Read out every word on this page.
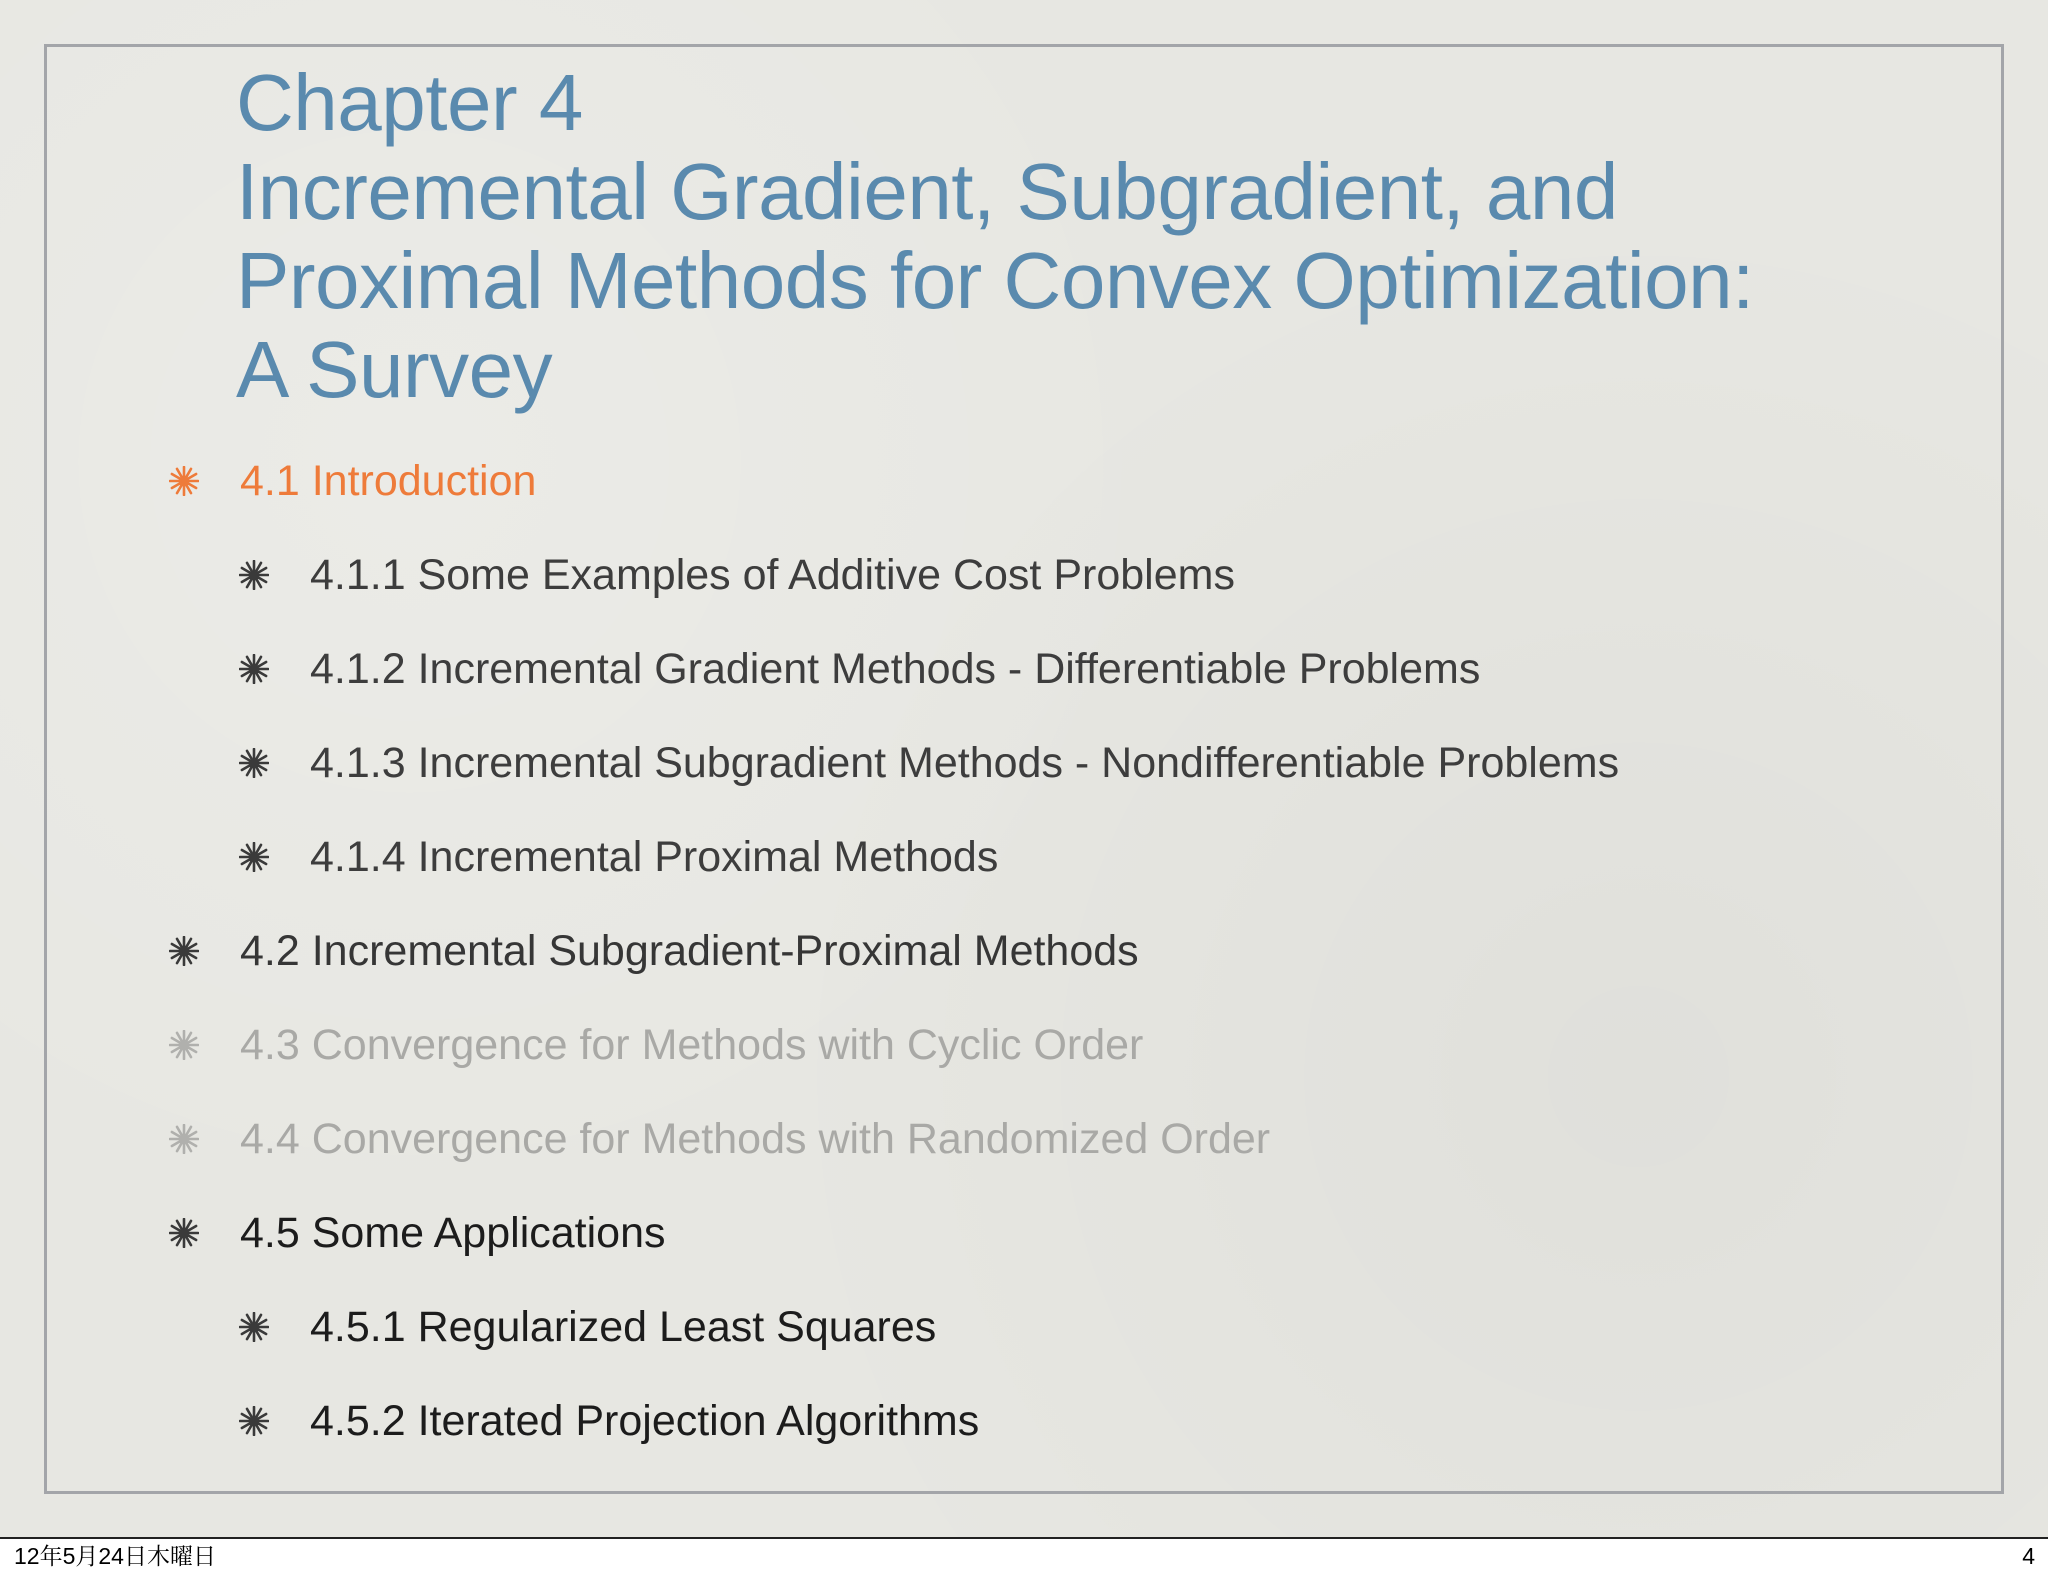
Chapter 4
Incremental Gradient, Subgradient, and
Proximal Methods for Convex Optimization:
A Survey
4.1 Introduction
4.1.1 Some Examples of Additive Cost Problems
4.1.2 Incremental Gradient Methods - Differentiable Problems
4.1.3 Incremental Subgradient Methods - Nondifferentiable Problems
4.1.4 Incremental Proximal Methods
4.2 Incremental Subgradient-Proximal Methods
4.3 Convergence for Methods with Cyclic Order
4.4 Convergence for Methods with Randomized Order
4.5 Some Applications
4.5.1 Regularized Least Squares
4.5.2 Iterated Projection Algorithms
12年5月24日木曜日	4
